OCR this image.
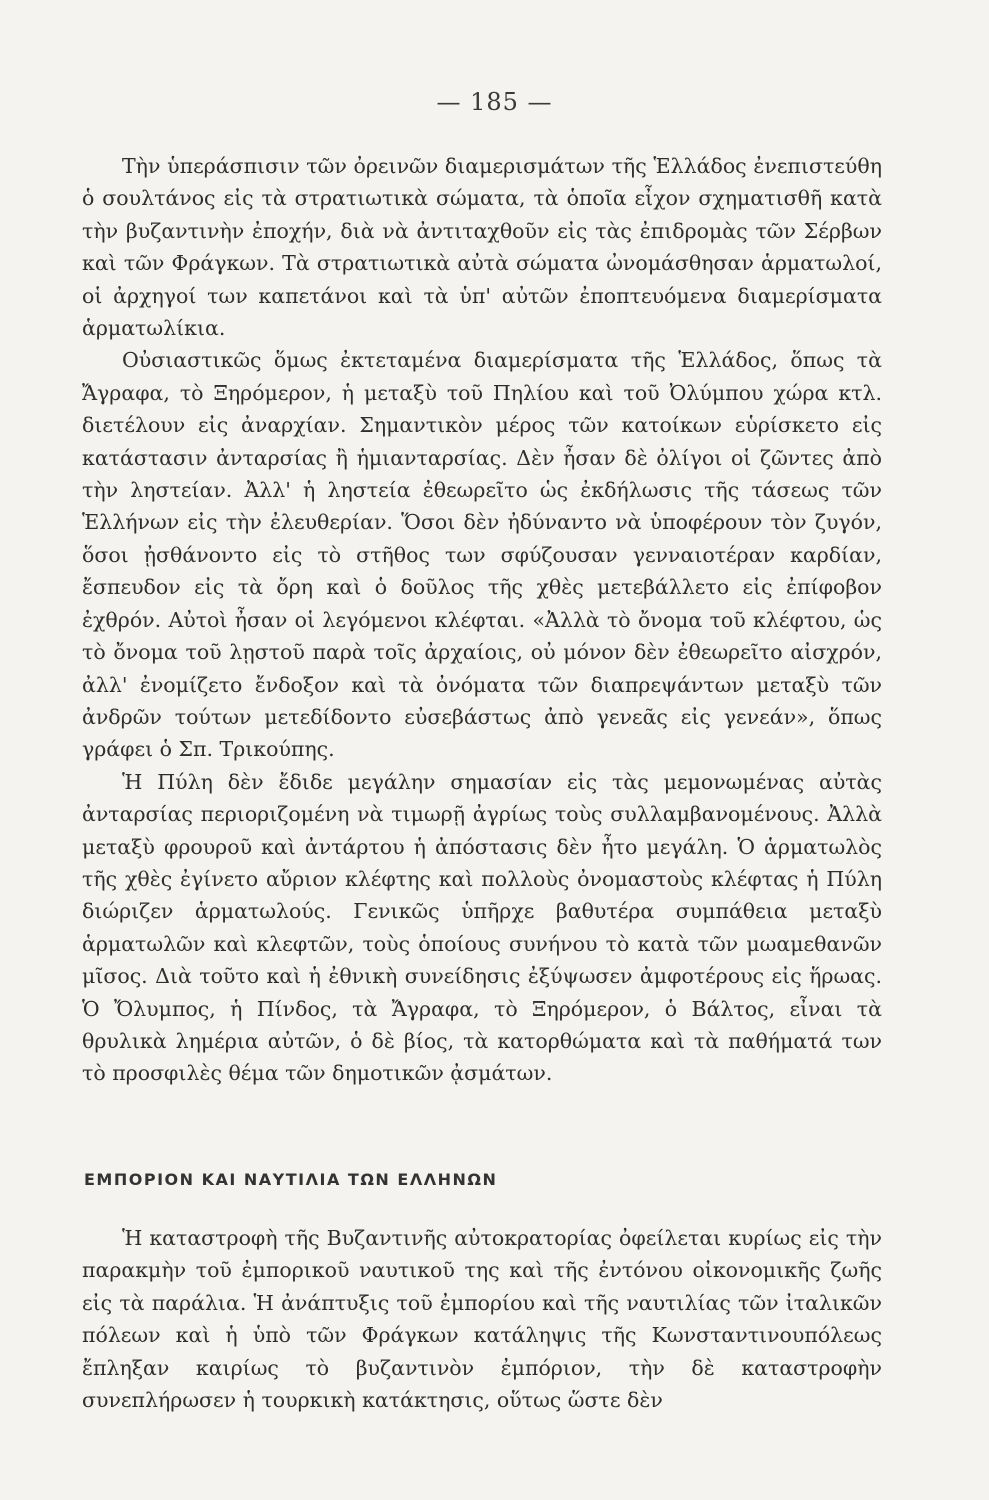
— 185 —

Τὴν ὑπεράσπισιν τῶν ὀρεινῶν διαμερισμάτων τῆς Ἑλλάδος ἐνεπιστεύθη ὁ σουλτάνος εἰς τὰ στρατιωτικὰ σώματα, τὰ ὁποῖα εἶχον σχηματισθῆ κατὰ τὴν βυζαντινὴν ἐποχήν, διὰ νὰ ἀντιταχθοῦν εἰς τὰς ἐπιδρομὰς τῶν Σέρβων καὶ τῶν Φράγκων. Τὰ στρατιωτικὰ αὐτὰ σώματα ὠνομάσθησαν ἁρματωλοί, οἱ ἀρχηγοί των καπετάνοι καὶ τὰ ὑπ' αὐτῶν ἐποπτευόμενα διαμερίσματα ἁρματωλίκια.

Οὐσιαστικῶς ὅμως ἐκτεταμένα διαμερίσματα τῆς Ἑλλάδος, ὅπως τὰ Ἄγραφα, τὸ Ξηρόμερον, ἡ μεταξὺ τοῦ Πηλίου καὶ τοῦ Ὀλύμπου χώρα κτλ. διετέλουν εἰς ἀναρχίαν. Σημαντικὸν μέρος τῶν κατοίκων εὑρίσκετο εἰς κατάστασιν ἀνταρσίας ἢ ἡμιανταρσίας. Δὲν ἦσαν δὲ ὀλίγοι οἱ ζῶντες ἀπὸ τὴν ληστείαν. Ἀλλ' ἡ ληστεία ἐθεωρεῖτο ὡς ἐκδήλωσις τῆς τάσεως τῶν Ἑλλήνων εἰς τὴν ἐλευθερίαν. Ὅσοι δὲν ἠδύναντο νὰ ὑποφέρουν τὸν ζυγόν, ὅσοι ᾐσθάνοντο εἰς τὸ στῆθος των σφύζουσαν γενναιοτέραν καρδίαν, ἔσπευδον εἰς τὰ ὄρη καὶ ὁ δοῦλος τῆς χθὲς μετεβάλλετο εἰς ἐπίφοβον ἐχθρόν. Αὐτοὶ ἦσαν οἱ λεγόμενοι κλέφται. «Ἀλλὰ τὸ ὄνομα τοῦ κλέφτου, ὡς τὸ ὄνομα τοῦ λῃστοῦ παρὰ τοῖς ἀρχαίοις, οὐ μόνον δὲν ἐθεωρεῖτο αἰσχρόν, ἀλλ' ἐνομίζετο ἔνδοξον καὶ τὰ ὀνόματα τῶν διαπρεψάντων μεταξὺ τῶν ἀνδρῶν τούτων μετεδίδοντο εὐσεβάστως ἀπὸ γενεᾶς εἰς γενεάν», ὅπως γράφει ὁ Σπ. Τρικούπης.

Ἡ Πύλη δὲν ἔδιδε μεγάλην σημασίαν εἰς τὰς μεμονωμένας αὐτὰς ἀνταρσίας περιοριζομένη νὰ τιμωρῇ ἀγρίως τοὺς συλλαμβανομένους. Ἀλλὰ μεταξὺ φρουροῦ καὶ ἀντάρτου ἡ ἀπόστασις δὲν ἦτο μεγάλη. Ὁ ἁρματωλὸς τῆς χθὲς ἐγίνετο αὔριον κλέφτης καὶ πολλοὺς ὀνομαστοὺς κλέφτας ἡ Πύλη διώριζεν ἁρματωλούς. Γενικῶς ὑπῆρχε βαθυτέρα συμπάθεια μεταξὺ ἁρματωλῶν καὶ κλεφτῶν, τοὺς ὁποίους συνήνου τὸ κατὰ τῶν μωαμεθανῶν μῖσος. Διὰ τοῦτο καὶ ἡ ἐθνικὴ συνείδησις ἐξύψωσεν ἀμφοτέρους εἰς ἥρωας. Ὁ Ὄλυμπος, ἡ Πίνδος, τὰ Ἄγραφα, τὸ Ξηρόμερον, ὁ Βάλτος, εἶναι τὰ θρυλικὰ λημέρια αὐτῶν, ὁ δὲ βίος, τὰ κατορθώματα καὶ τὰ παθήματά των τὸ προσφιλὲς θέμα τῶν δημοτικῶν ᾀσμάτων.

ΕΜΠΟΡΙΟΝ ΚΑΙ ΝΑΥΤΙΛΙΑ ΤΩΝ ΕΛΛΗΝΩΝ

Ἡ καταστροφὴ τῆς Βυζαντινῆς αὐτοκρατορίας ὀφείλεται κυρίως εἰς τὴν παρακμὴν τοῦ ἐμπορικοῦ ναυτικοῦ της καὶ τῆς ἐντόνου οἰκονομικῆς ζωῆς εἰς τὰ παράλια. Ἡ ἀνάπτυξις τοῦ ἐμπορίου καὶ τῆς ναυτιλίας τῶν ἰταλικῶν πόλεων καὶ ἡ ὑπὸ τῶν Φράγκων κατάληψις τῆς Κωνσταντινουπόλεως ἔπληξαν καιρίως τὸ βυζαντινὸν ἐμπόριον, τὴν δὲ καταστροφὴν συνεπλήρωσεν ἡ τουρκικὴ κατάκτησις, οὕτως ὥστε δὲν
